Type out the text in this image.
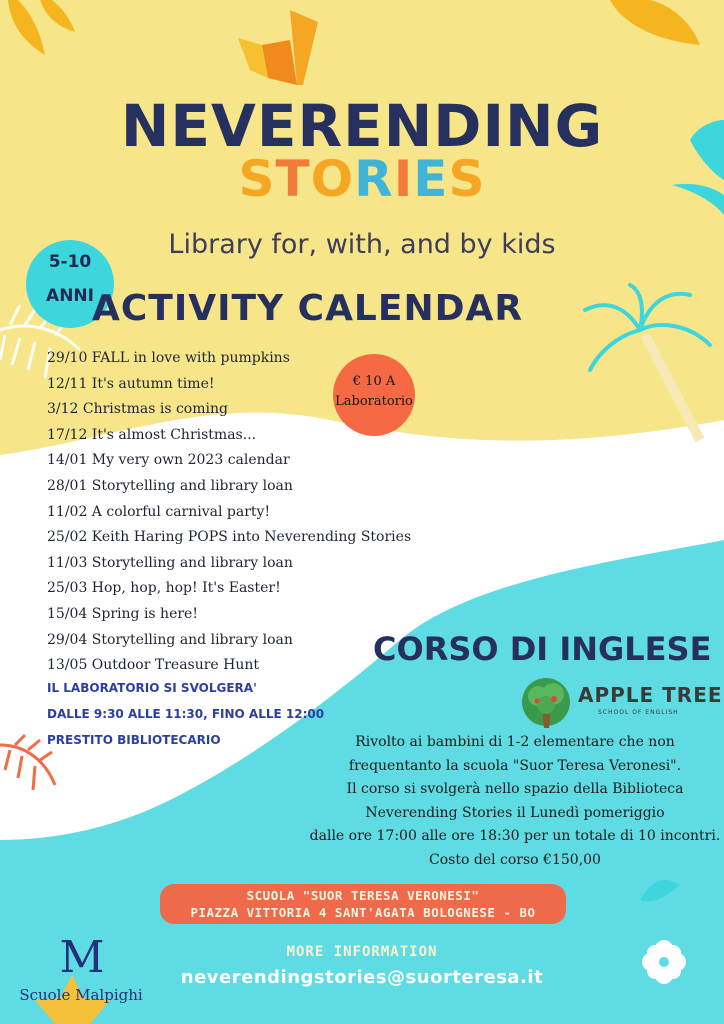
NEVERENDING
STORIES
Library for, with, and by kids
5-10
ANNI
ACTIVITY CALENDAR
29/10 FALL in love with pumpkins
12/11 It's autumn time!
3/12 Christmas is coming
17/12 It's almost Christmas...
14/01 My very own 2023 calendar
28/01 Storytelling and library loan
11/02 A colorful carnival party!
25/02 Keith Haring POPS into Neverending Stories
11/03 Storytelling and library loan
25/03 Hop, hop, hop! It's Easter!
15/04 Spring is here!
29/04 Storytelling and library loan
13/05 Outdoor Treasure Hunt
IL LABORATORIO SI SVOLGERA'
DALLE 9:30 ALLE 11:30, FINO ALLE 12:00
PRESTITO BIBLIOTECARIO
€ 10 A
Laboratorio
CORSO DI INGLESE
APPLE TREE
SCHOOL OF ENGLISH
Rivolto ai bambini di 1-2 elementare che non
frequentanto la scuola "Suor Teresa Veronesi".
Il corso si svolgerà nello spazio della Biblioteca
Neverending Stories il Lunedì pomeriggio
dalle ore 17:00 alle ore 18:30 per un totale di 10 incontri.
Costo del corso €150,00
SCUOLA "SUOR TERESA VERONESI"
PIAZZA VITTORIA 4 SANT'AGATA BOLOGNESE - BO
MORE INFORMATION
neverendingstories@suorteresa.it
M
Scuole Malpighi
